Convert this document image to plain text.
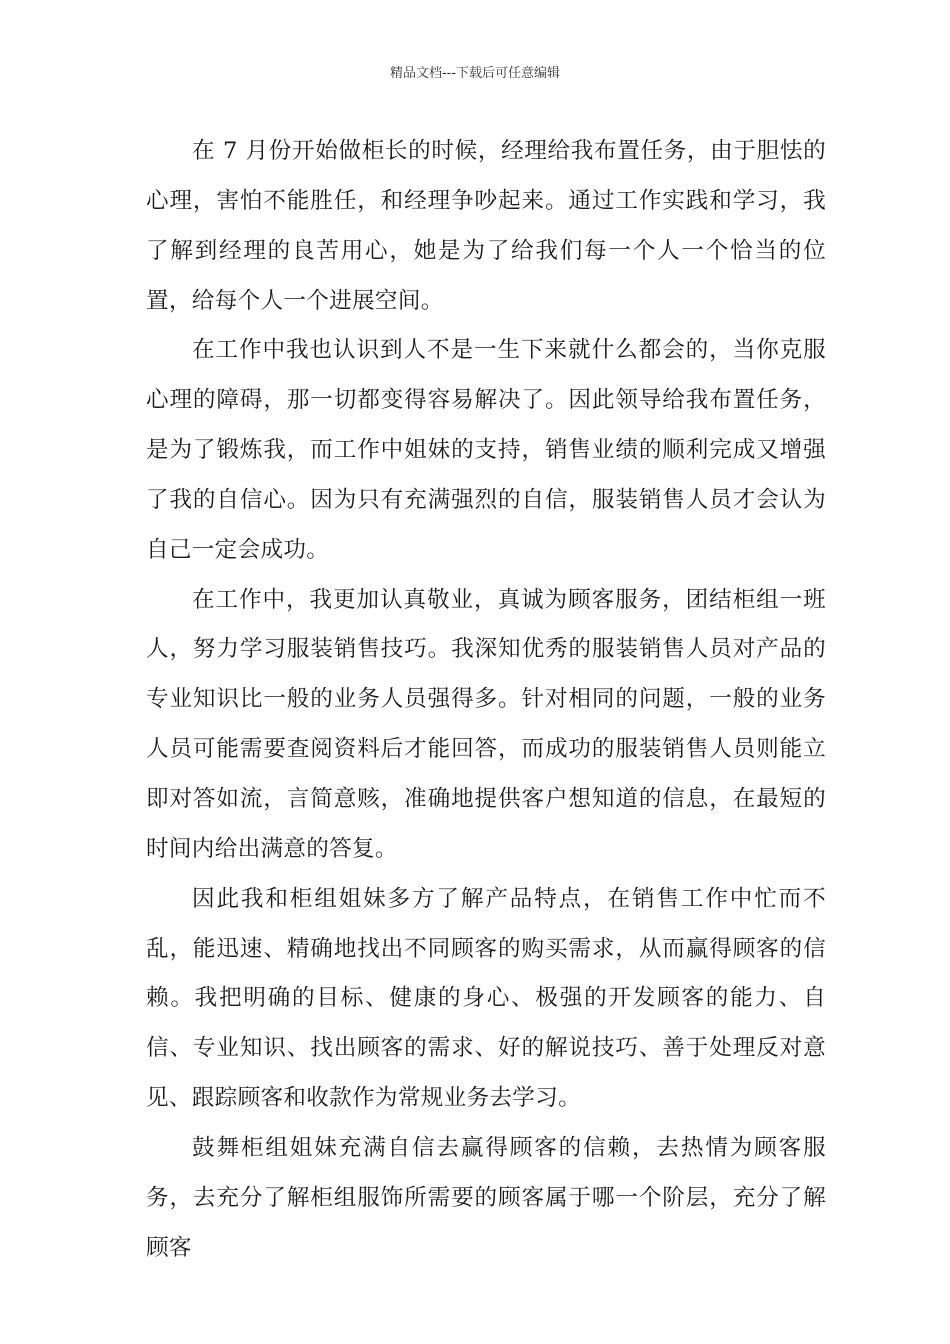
精品文档---下载后可任意编辑

在 7 月份开始做柜长的时候，经理给我布置任务，由于胆怯的心理，害怕不能胜任，和经理争吵起来。通过工作实践和学习，我了解到经理的良苦用心，她是为了给我们每一个人一个恰当的位置，给每个人一个进展空间。

在工作中我也认识到人不是一生下来就什么都会的，当你克服心理的障碍，那一切都变得容易解决了。因此领导给我布置任务，是为了锻炼我，而工作中姐妹的支持，销售业绩的顺利完成又增强了我的自信心。因为只有充满强烈的自信，服装销售人员才会认为自己一定会成功。

在工作中，我更加认真敬业，真诚为顾客服务，团结柜组一班人，努力学习服装销售技巧。我深知优秀的服装销售人员对产品的专业知识比一般的业务人员强得多。针对相同的问题，一般的业务人员可能需要查阅资料后才能回答，而成功的服装销售人员则能立即对答如流，言简意赅，准确地提供客户想知道的信息，在最短的时间内给出满意的答复。

因此我和柜组姐妹多方了解产品特点，在销售工作中忙而不乱，能迅速、精确地找出不同顾客的购买需求，从而赢得顾客的信赖。我把明确的目标、健康的身心、极强的开发顾客的能力、自信、专业知识、找出顾客的需求、好的解说技巧、善于处理反对意见、跟踪顾客和收款作为常规业务去学习。

鼓舞柜组姐妹充满自信去赢得顾客的信赖，去热情为顾客服务，去充分了解柜组服饰所需要的顾客属于哪一个阶层，充分了解顾客
